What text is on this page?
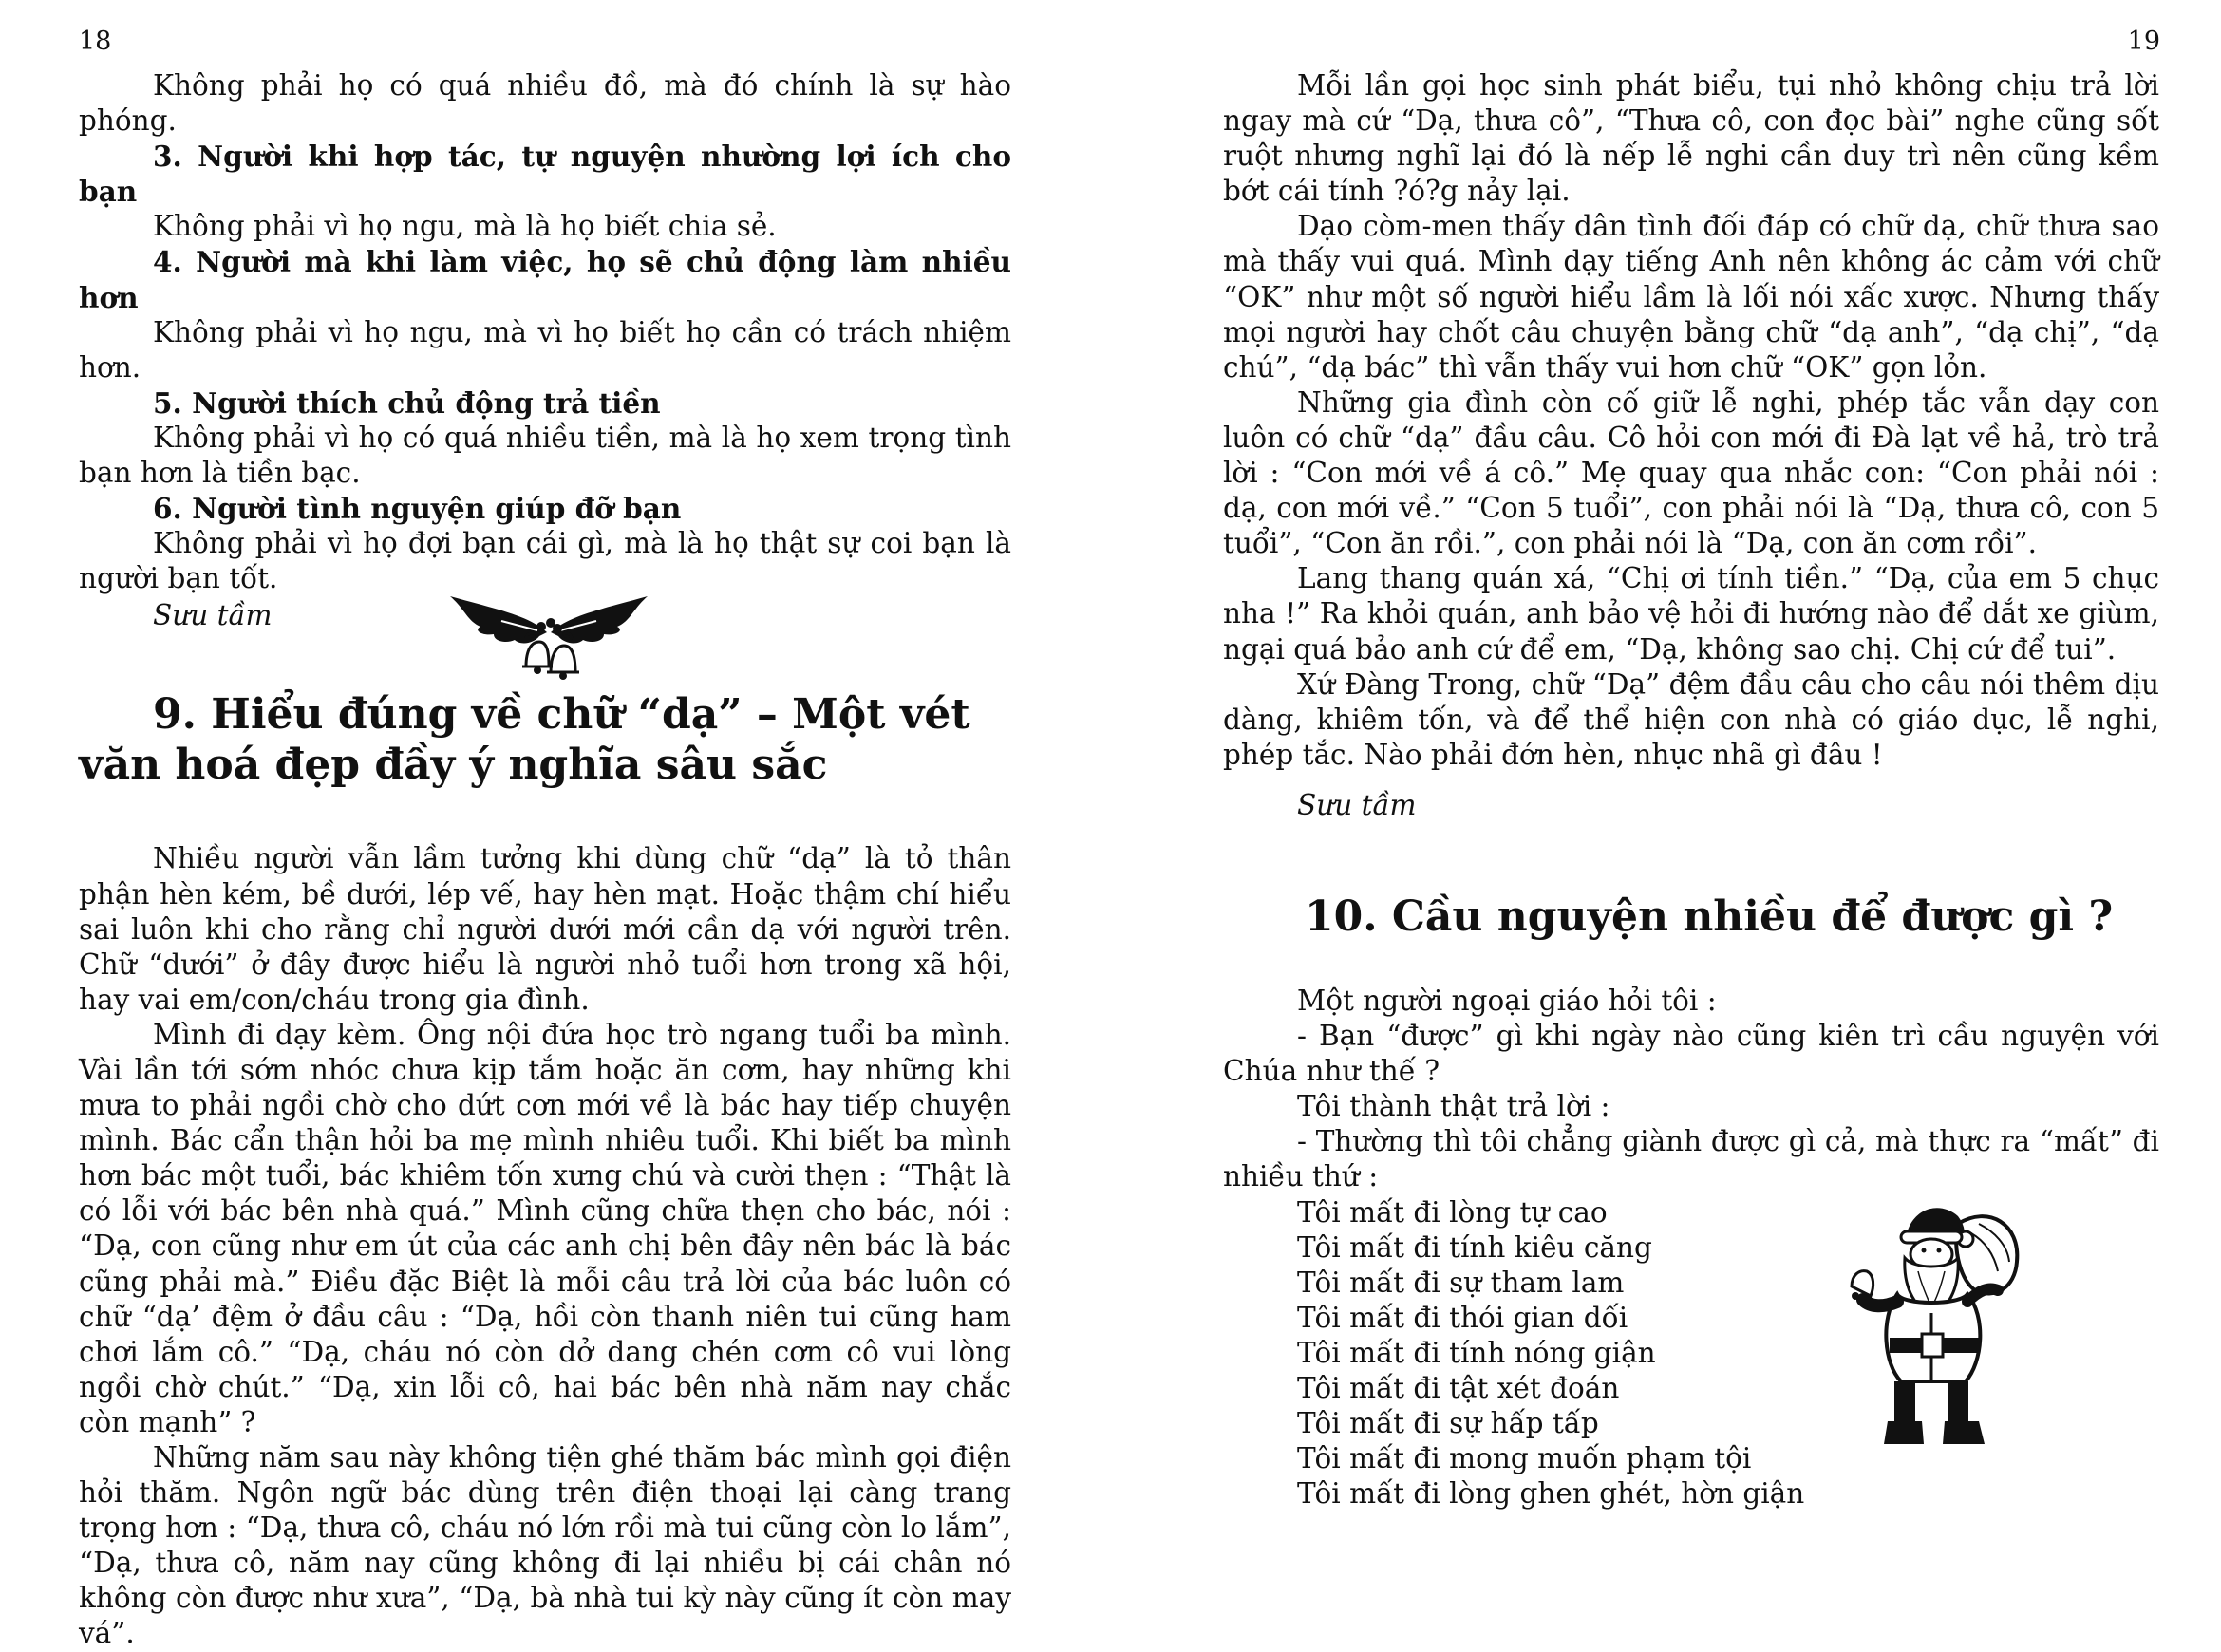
18

Không phải họ có quá nhiều đồ, mà đó chính là sự hào phóng.

3. Người khi hợp tác, tự nguyện nhường lợi ích cho bạn

Không phải vì họ ngu, mà là họ biết chia sẻ.

4. Người mà khi làm việc, họ sẽ chủ động làm nhiều hơn

Không phải vì họ ngu, mà vì họ biết họ cần có trách nhiệm hơn.

5. Người thích chủ động trả tiền

Không phải vì họ có quá nhiều tiền, mà là họ xem trọng tình bạn hơn là tiền bạc.

6. Người tình nguyện giúp đỡ bạn

Không phải vì họ đợi bạn cái gì, mà là họ thật sự coi bạn là người bạn tốt.

Sưu tầm

9. Hiểu đúng về chữ “dạ” – Một vét văn hoá đẹp đầy ý nghĩa sâu sắc

Nhiều người vẫn lầm tưởng khi dùng chữ “dạ” là tỏ thân phận hèn kém, bề dưới, lép vế, hay hèn mạt. Hoặc thậm chí hiểu sai luôn khi cho rằng chỉ người dưới mới cần dạ với người trên. Chữ “dưới” ở đây được hiểu là người nhỏ tuổi hơn trong xã hội, hay vai em/con/cháu trong gia đình.

Mình đi dạy kèm. Ông nội đứa học trò ngang tuổi ba mình. Vài lần tới sớm nhóc chưa kịp tắm hoặc ăn cơm, hay những khi mưa to phải ngồi chờ cho dứt cơn mới về là bác hay tiếp chuyện mình. Bác cẩn thận hỏi ba mẹ mình nhiêu tuổi. Khi biết ba mình hơn bác một tuổi, bác khiêm tốn xưng chú và cười thẹn : “Thật là có lỗi với bác bên nhà quá.” Mình cũng chữa thẹn cho bác, nói : “Dạ, con cũng như em út của các anh chị bên đây nên bác là bác cũng phải mà.” Điều đặc Biệt là mỗi câu trả lời của bác luôn có chữ “dạ’ đệm ở đầu câu : “Dạ, hồi còn thanh niên tui cũng ham chơi lắm cô.” “Dạ, cháu nó còn dở dang chén cơm cô vui lòng ngồi chờ chút.” “Dạ, xin lỗi cô, hai bác bên nhà năm nay chắc còn mạnh” ?

Những năm sau này không tiện ghé thăm bác mình gọi điện hỏi thăm. Ngôn ngữ bác dùng trên điện thoại lại càng trang trọng hơn : “Dạ, thưa cô, cháu nó lớn rồi mà tui cũng còn lo lắm”, “Dạ, thưa cô, năm nay cũng không đi lại nhiều bị cái chân nó không còn được như xưa”, “Dạ, bà nhà tui kỳ này cũng ít còn may vá”.

19

Mỗi lần gọi học sinh phát biểu, tụi nhỏ không chịu trả lời ngay mà cứ “Dạ, thưa cô”, “Thưa cô, con đọc bài” nghe cũng sốt ruột nhưng nghĩ lại đó là nếp lễ nghi cần duy trì nên cũng kềm bớt cái tính ?ó?g nảy lại.

Dạo còm-men thấy dân tình đối đáp có chữ dạ, chữ thưa sao mà thấy vui quá. Mình dạy tiếng Anh nên không ác cảm với chữ “OK” như một số người hiểu lầm là lối nói xấc xược. Nhưng thấy mọi người hay chốt câu chuyện bằng chữ “dạ anh”, “dạ chị”, “dạ chú”, “dạ bác” thì vẫn thấy vui hơn chữ “OK” gọn lỏn.

Những gia đình còn cố giữ lễ nghi, phép tắc vẫn dạy con luôn có chữ “dạ” đầu câu. Cô hỏi con mới đi Đà lạt về hả, trò trả lời : “Con mới về á cô.” Mẹ quay qua nhắc con: “Con phải nói : dạ, con mới về.” “Con 5 tuổi”, con phải nói là “Dạ, thưa cô, con 5 tuổi”, “Con ăn rồi.”, con phải nói là “Dạ, con ăn cơm rồi”.

Lang thang quán xá, “Chị ơi tính tiền.” “Dạ, của em 5 chục nha !” Ra khỏi quán, anh bảo vệ hỏi đi hướng nào để dắt xe giùm, ngại quá bảo anh cứ để em, “Dạ, không sao chị. Chị cứ để tui”.

Xứ Đàng Trong, chữ “Dạ” đệm đầu câu cho câu nói thêm dịu dàng, khiêm tốn, và để thể hiện con nhà có giáo dục, lễ nghi, phép tắc. Nào phải đớn hèn, nhục nhã gì đâu !

Sưu tầm

10. Cầu nguyện nhiều để được gì ?

Một người ngoại giáo hỏi tôi :

- Bạn “được” gì khi ngày nào cũng kiên trì cầu nguyện với Chúa như thế ?

Tôi thành thật trả lời :

- Thường thì tôi chẳng giành được gì cả, mà thực ra “mất” đi nhiều thứ :

Tôi mất đi lòng tự cao

Tôi mất đi tính kiêu căng

Tôi mất đi sự tham lam

Tôi mất đi thói gian dối

Tôi mất đi tính nóng giận

Tôi mất đi tật xét đoán

Tôi mất đi sự hấp tấp

Tôi mất đi mong muốn phạm tội

Tôi mất đi lòng ghen ghét, hờn giận
